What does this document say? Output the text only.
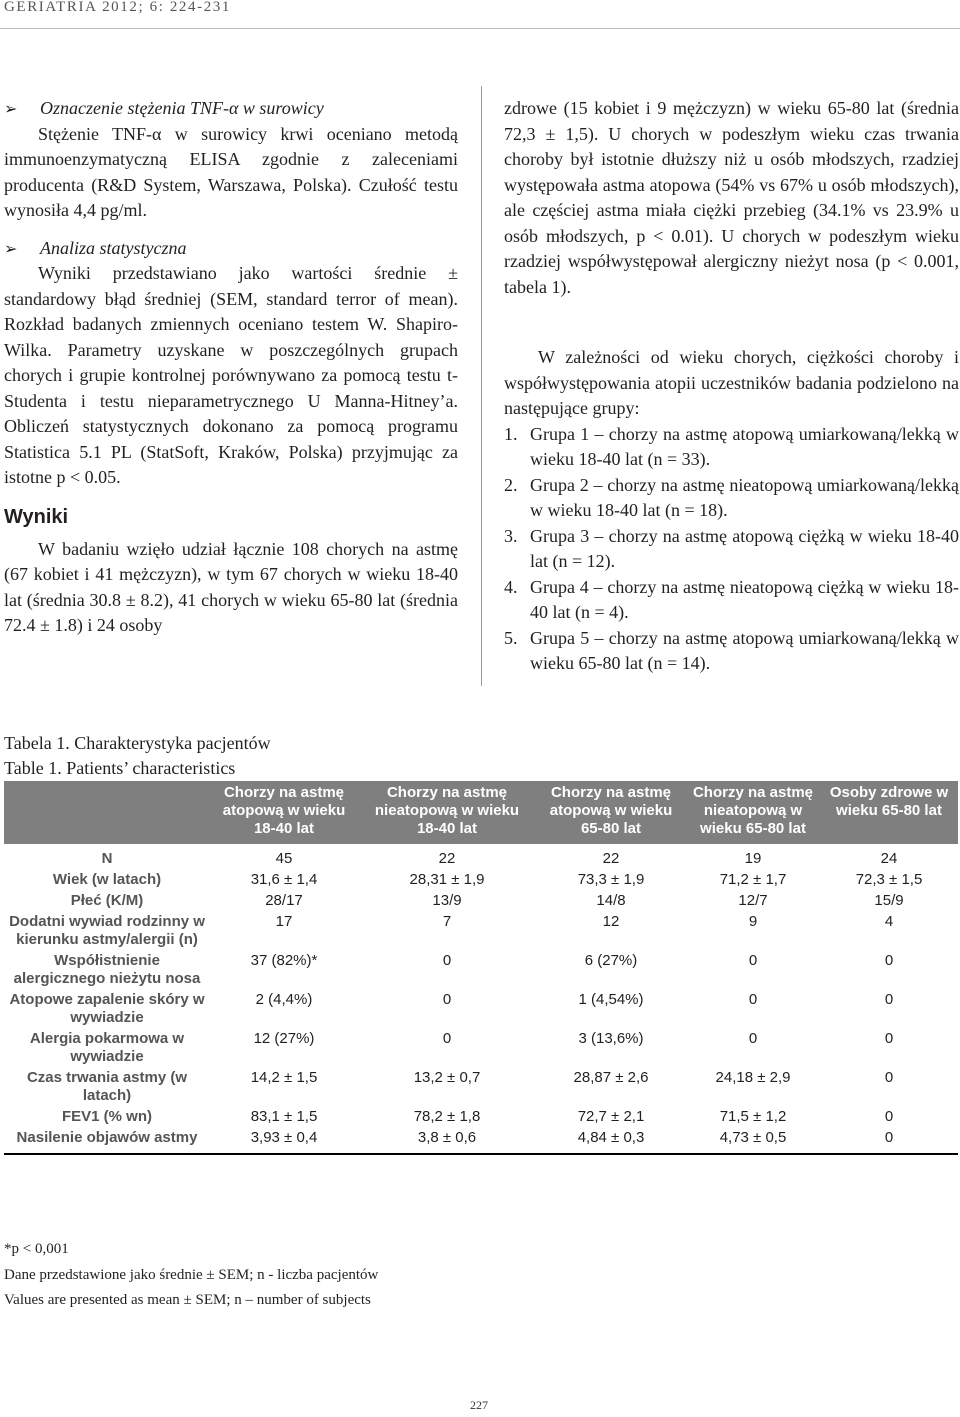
GERIATRIA 2012; 6: 224-231
➢ Oznaczenie stężenia TNF-α w surowicy

Stężenie TNF-α w surowicy krwi oceniano metodą immunoenzymatyczną ELISA zgodnie z zaleceniami producenta (R&D System, Warszawa, Polska). Czułość testu wynosiła 4,4 pg/ml.

➢ Analiza statystyczna

Wyniki przedstawiano jako wartości średnie ± standardowy błąd średniej (SEM, standard terror of mean). Rozkład badanych zmiennych oceniano testem W. Shapiro-Wilka. Parametry uzyskane w poszczególnych grupach chorych i grupie kontrolnej porównywano za pomocą testu t-Studenta i testu nieparametrycznego U Manna-Hitney’a. Obliczeń statystycznych dokonano za pomocą programu Statistica 5.1 PL (StatSoft, Kraków, Polska) przyjmując za istotne p < 0.05.

Wyniki

W badaniu wzięło udział łącznie 108 chorych na astmę (67 kobiet i 41 mężczyzn), w tym 67 chorych w wieku 18-40 lat (średnia 30.8 ± 8.2), 41 chorych w wieku 65-80 lat (średnia 72.4 ± 1.8) i 24 osoby

zdrowe (15 kobiet i 9 mężczyzn) w wieku 65-80 lat (średnia 72,3 ± 1,5). U chorych w podeszłym wieku czas trwania choroby był istotnie dłuższy niż u osób młodszych, rzadziej występowała astma atopowa (54% vs 67% u osób młodszych), ale częściej astma miała ciężki przebieg (34.1% vs 23.9% u osób młodszych, p < 0.01). U chorych w podeszłym wieku rzadziej współwystępował alergiczny nieżyt nosa (p < 0.001, tabela 1).

W zależności od wieku chorych, ciężkości choroby i współwystępowania atopii uczestników badania podzielono na następujące grupy:

1. Grupa 1 – chorzy na astmę atopową umiarkowaną/lekką w wieku 18-40 lat (n = 33).
2. Grupa 2 – chorzy na astmę nieatopową umiarkowaną/lekką w wieku 18-40 lat (n = 18).
3. Grupa 3 – chorzy na astmę atopową ciężką w wieku 18-40 lat (n = 12).
4. Grupa 4 – chorzy na astmę nieatopową ciężką w wieku 18-40 lat (n = 4).
5. Grupa 5 – chorzy na astmę atopową umiarkowaną/lekką w wieku 65-80 lat (n = 14).
Tabela 1. Charakterystyka pacjentów
Table 1. Patients’ characteristics
	Chorzy na astmę atopową w wieku 18-40 lat	Chorzy na astmę nieatopową w wieku 18-40 lat	Chorzy na astmę atopową w wieku 65-80 lat	Chorzy na astmę nieatopową w wieku 65-80 lat	Osoby zdrowe w wieku 65-80 lat
N	45	22	22	19	24
Wiek (w latach)	31,6 ± 1,4	28,31 ± 1,9	73,3 ± 1,9	71,2 ± 1,7	72,3 ± 1,5
Płeć (K/M)	28/17	13/9	14/8	12/7	15/9
Dodatni wywiad rodzinny w kierunku astmy/alergii (n)	17	7	12	9	4
Współistnienie alergicznego nieżytu nosa	37 (82%)*	0	6 (27%)	0	0
Atopowe zapalenie skóry w wywiadzie	2 (4,4%)	0	1 (4,54%)	0	0
Alergia pokarmowa w wywiadzie	12 (27%)	0	3 (13,6%)	0	0
Czas trwania astmy (w latach)	14,2 ± 1,5	13,2 ± 0,7	28,87 ± 2,6	24,18 ± 2,9	0
FEV1 (% wn)	83,1 ± 1,5	78,2 ± 1,8	72,7 ± 2,1	71,5 ± 1,2	0
Nasilenie objawów astmy	3,93 ± 0,4	3,8 ± 0,6	4,84 ± 0,3	4,73 ± 0,5	0
*p < 0,001
Dane przedstawione jako średnie ± SEM; n - liczba pacjentów
Values are presented as mean ± SEM; n – number of subjects
227
